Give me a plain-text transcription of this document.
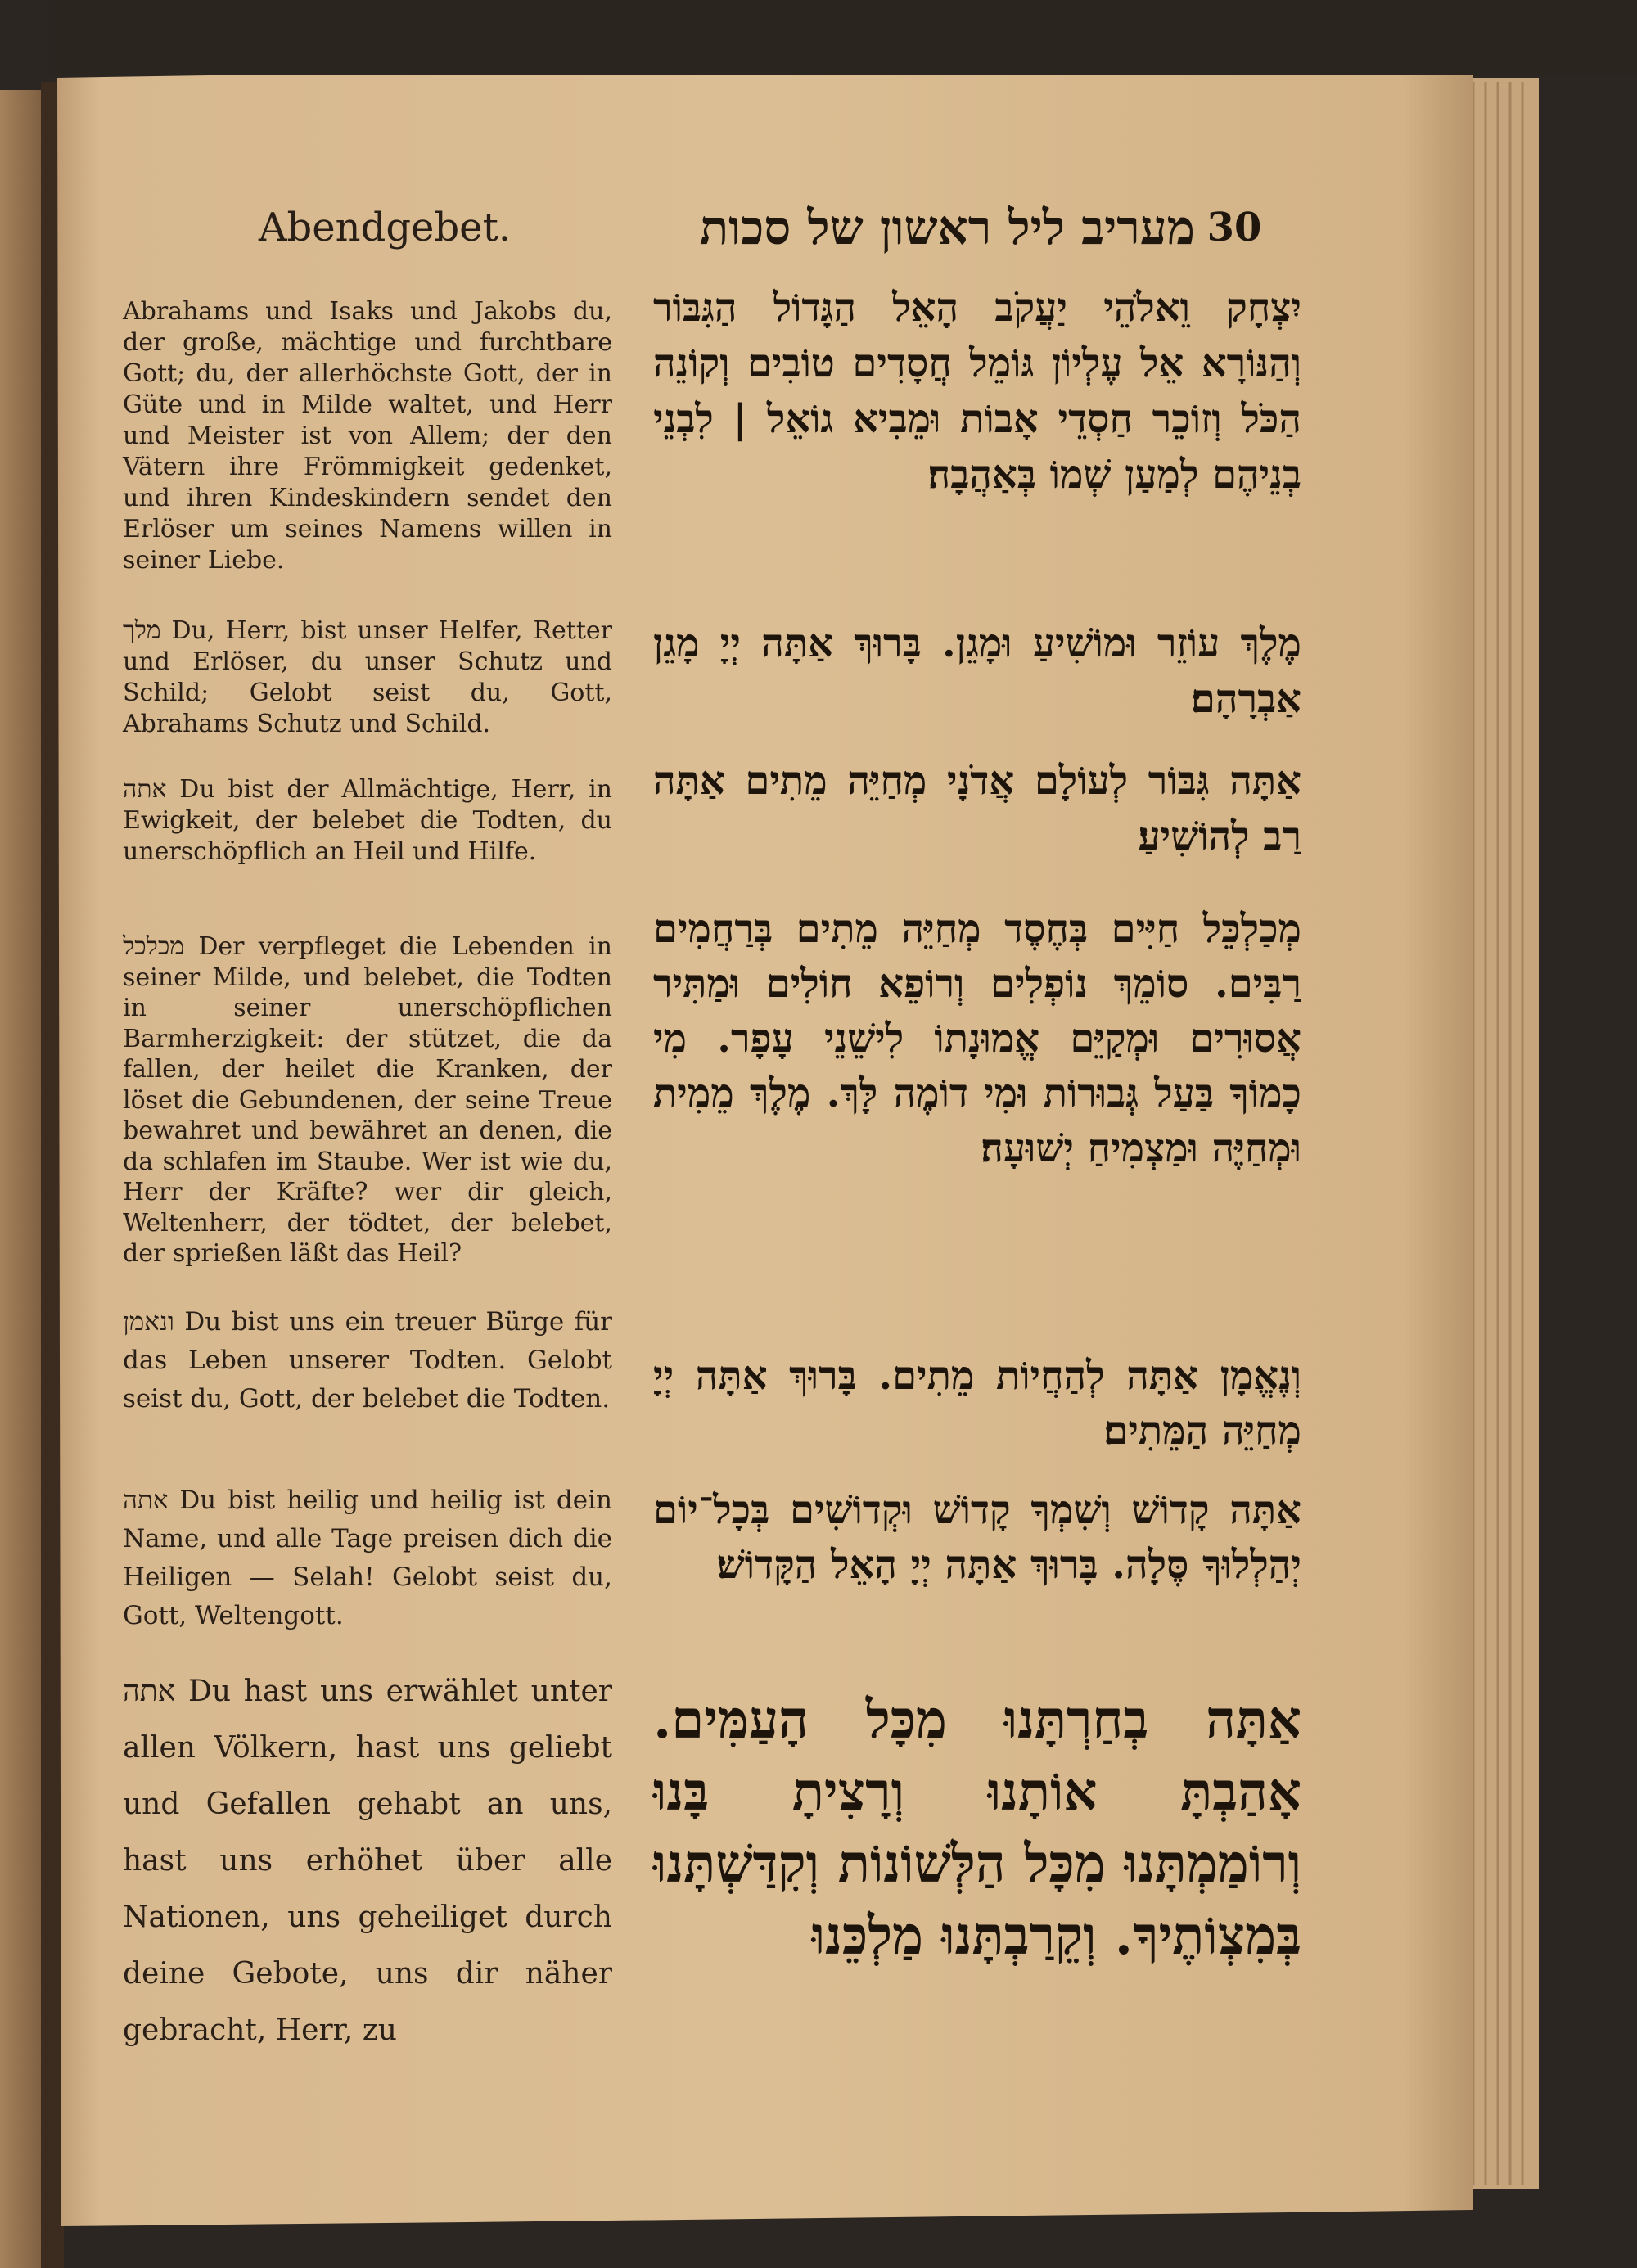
Abendgebet.	מעריב ליל ראשון של סכות 30

Abrahams und Isaks und Jakobs du, der große, mächtige und furchtbare Gott; du, der allerhöchste Gott, der in Güte und in Milde waltet, und Herr und Meister ist von Allem; der den Vätern ihre Frömmigkeit gedenket, und ihren Kindeskindern sendet den Erlöser um seines Namens willen in seiner Liebe.

מלך Du, Herr, bist unser Helfer, Retter und Erlöser, du unser Schutz und Schild; Gelobt seist du, Gott, Abrahams Schutz und Schild.

אתה Du bist der Allmächtige, Herr, in Ewigkeit, der belebet die Todten, du unerschöpflich an Heil und Hilfe.

מכלכל Der verpfleget die Lebenden in seiner Milde, und belebet, die Todten in seiner unerschöpflichen Barmherzigkeit: der stützet, die da fallen, der heilet die Kranken, der löset die Gebundenen, der seine Treue bewahret und bewähret an denen, die da schlafen im Staube. Wer ist wie du, Herr der Kräfte? wer dir gleich, Weltenherr, der tödtet, der belebet, der sprießen läßt das Heil?

ונאמן Du bist uns ein treuer Bürge für das Leben unserer Todten. Gelobt seist du, Gott, der belebet die Todten.

אתה Du bist heilig und heilig ist dein Name, und alle Tage preisen dich die Heiligen — Selah! Gelobt seist du, Gott, Weltengott.

אתה Du hast uns erwählet unter allen Völkern, hast uns geliebt und Gefallen gehabt an uns, hast uns erhöhet über alle Nationen, uns geheiliget durch deine Gebote, uns dir näher gebracht, Herr, zu

יִצְחָק וֵאלֹהֵי יַעֲקֹב הָאֵל הַגָּדוֹל הַגִּבּוֹר וְהַנּוֹרָא אֵל עֶלְיוֹן גּוֹמֵל חֲסָדִים טוֹבִים וְקוֹנֵה הַכֹּל וְזוֹכֵר חַסְדֵי אָבוֹת וּמֵבִיא גוֹאֵל | לִבְנֵי בְנֵיהֶם לְמַעַן שְׁמוֹ בְּאַהֲבָה׃

מֶלֶךְ עוֹזֵר וּמוֹשִׁיעַ וּמָגֵן. בָּרוּךְ אַתָּה יְיָ מָגֵן אַבְרָהָם׃

אַתָּה גִּבּוֹר לְעוֹלָם אֲדֹנָי מְחַיֵּה מֵתִים אַתָּה רַב לְהוֹשִׁיעַ׃

מְכַלְכֵּל חַיִּים בְּחֶסֶד מְחַיֵּה מֵתִים בְּרַחֲמִים רַבִּים. סוֹמֵךְ נוֹפְלִים וְרוֹפֵא חוֹלִים וּמַתִּיר אֲסוּרִים וּמְקַיֵּם אֱמוּנָתוֹ לִישֵׁנֵי עָפָר. מִי כָמוֹךָ בַּעַל גְּבוּרוֹת וּמִי דוֹמֶה לָּךְ. מֶלֶךְ מֵמִית וּמְחַיֶּה וּמַצְמִיחַ יְשׁוּעָה׃

וְנֶאֱמָן אַתָּה לְהַחֲיוֹת מֵתִים. בָּרוּךְ אַתָּה יְיָ מְחַיֵּה הַמֵּתִים׃

אַתָּה קָדוֹשׁ וְשִׁמְךָ קָדוֹשׁ וּקְדוֹשִׁים בְּכָל־יוֹם יְהַלְלוּךָ סֶּלָה. בָּרוּךְ אַתָּה יְיָ הָאֵל הַקָּדוֹשׁ׃

אַתָּה בְחַרְתָּנוּ מִכָּל הָעַמִּים. אָהַבְתָּ אוֹתָנוּ וְרָצִיתָ בָּנוּ וְרוֹמַמְתָּנוּ מִכָּל הַלְּשׁוֹנוֹת וְקִדַּשְׁתָּנוּ בְּמִצְוֹתֶיךָ. וְקֵרַבְתָּנוּ מַלְכֵּנוּ
